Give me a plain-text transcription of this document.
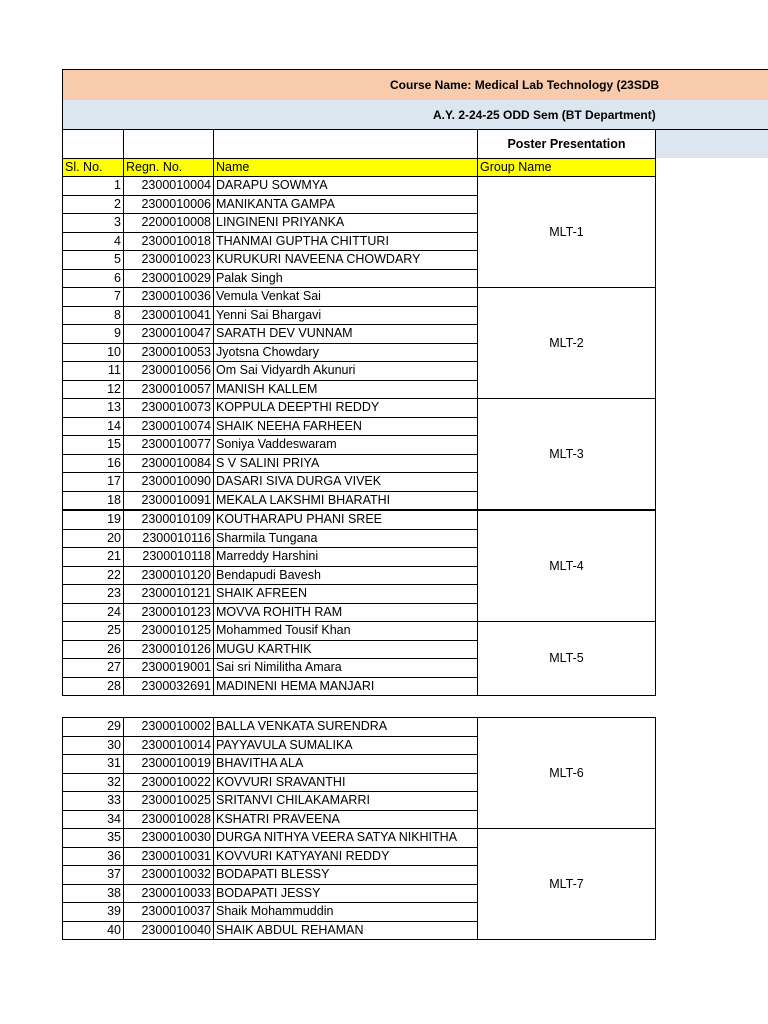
Course Name: Medical Lab Technology (23SDB
A.Y. 2-24-25 ODD Sem (BT Department)
			Poster Presentation
Sl. No.	Regn. No.	Name	Group Name
1	2300010004	DARAPU SOWMYA	MLT-1
2	2300010006	MANIKANTA GAMPA	
3	2200010008	LINGINENI PRIYANKA	
4	2300010018	THANMAI GUPTHA CHITTURI	
5	2300010023	KURUKURI NAVEENA CHOWDARY	
6	2300010029	Palak Singh	
7	2300010036	Vemula Venkat Sai	MLT-2
8	2300010041	Yenni Sai Bhargavi	
9	2300010047	SARATH DEV VUNNAM	
10	2300010053	Jyotsna Chowdary	
11	2300010056	Om Sai Vidyardh Akunuri	
12	2300010057	MANISH KALLEM	
13	2300010073	KOPPULA DEEPTHI REDDY	MLT-3
14	2300010074	SHAIK NEEHA FARHEEN	
15	2300010077	Soniya Vaddeswaram	
16	2300010084	S V SALINI PRIYA	
17	2300010090	DASARI SIVA DURGA VIVEK	
18	2300010091	MEKALA LAKSHMI BHARATHI	
19	2300010109	KOUTHARAPU PHANI SREE	MLT-4
20	2300010116	Sharmila Tungana	
21	2300010118	Marreddy Harshini	
22	2300010120	Bendapudi Bavesh	
23	2300010121	SHAIK AFREEN	
24	2300010123	MOVVA ROHITH RAM	
25	2300010125	Mohammed Tousif Khan	MLT-5
26	2300010126	MUGU KARTHIK	
27	2300019001	Sai sri Nimilitha Amara	
28	2300032691	MADINENI HEMA MANJARI	
29	2300010002	BALLA VENKATA SURENDRA	MLT-6
30	2300010014	PAYYAVULA SUMALIKA	
31	2300010019	BHAVITHA ALA	
32	2300010022	KOVVURI SRAVANTHI	
33	2300010025	SRITANVI CHILAKAMARRI	
34	2300010028	KSHATRI PRAVEENA	
35	2300010030	DURGA NITHYA VEERA SATYA NIKHITHA	MLT-7
36	2300010031	KOVVURI KATYAYANI REDDY	
37	2300010032	BODAPATI BLESSY	
38	2300010033	BODAPATI JESSY	
39	2300010037	Shaik Mohammuddin	
40	2300010040	SHAIK ABDUL REHAMAN	
